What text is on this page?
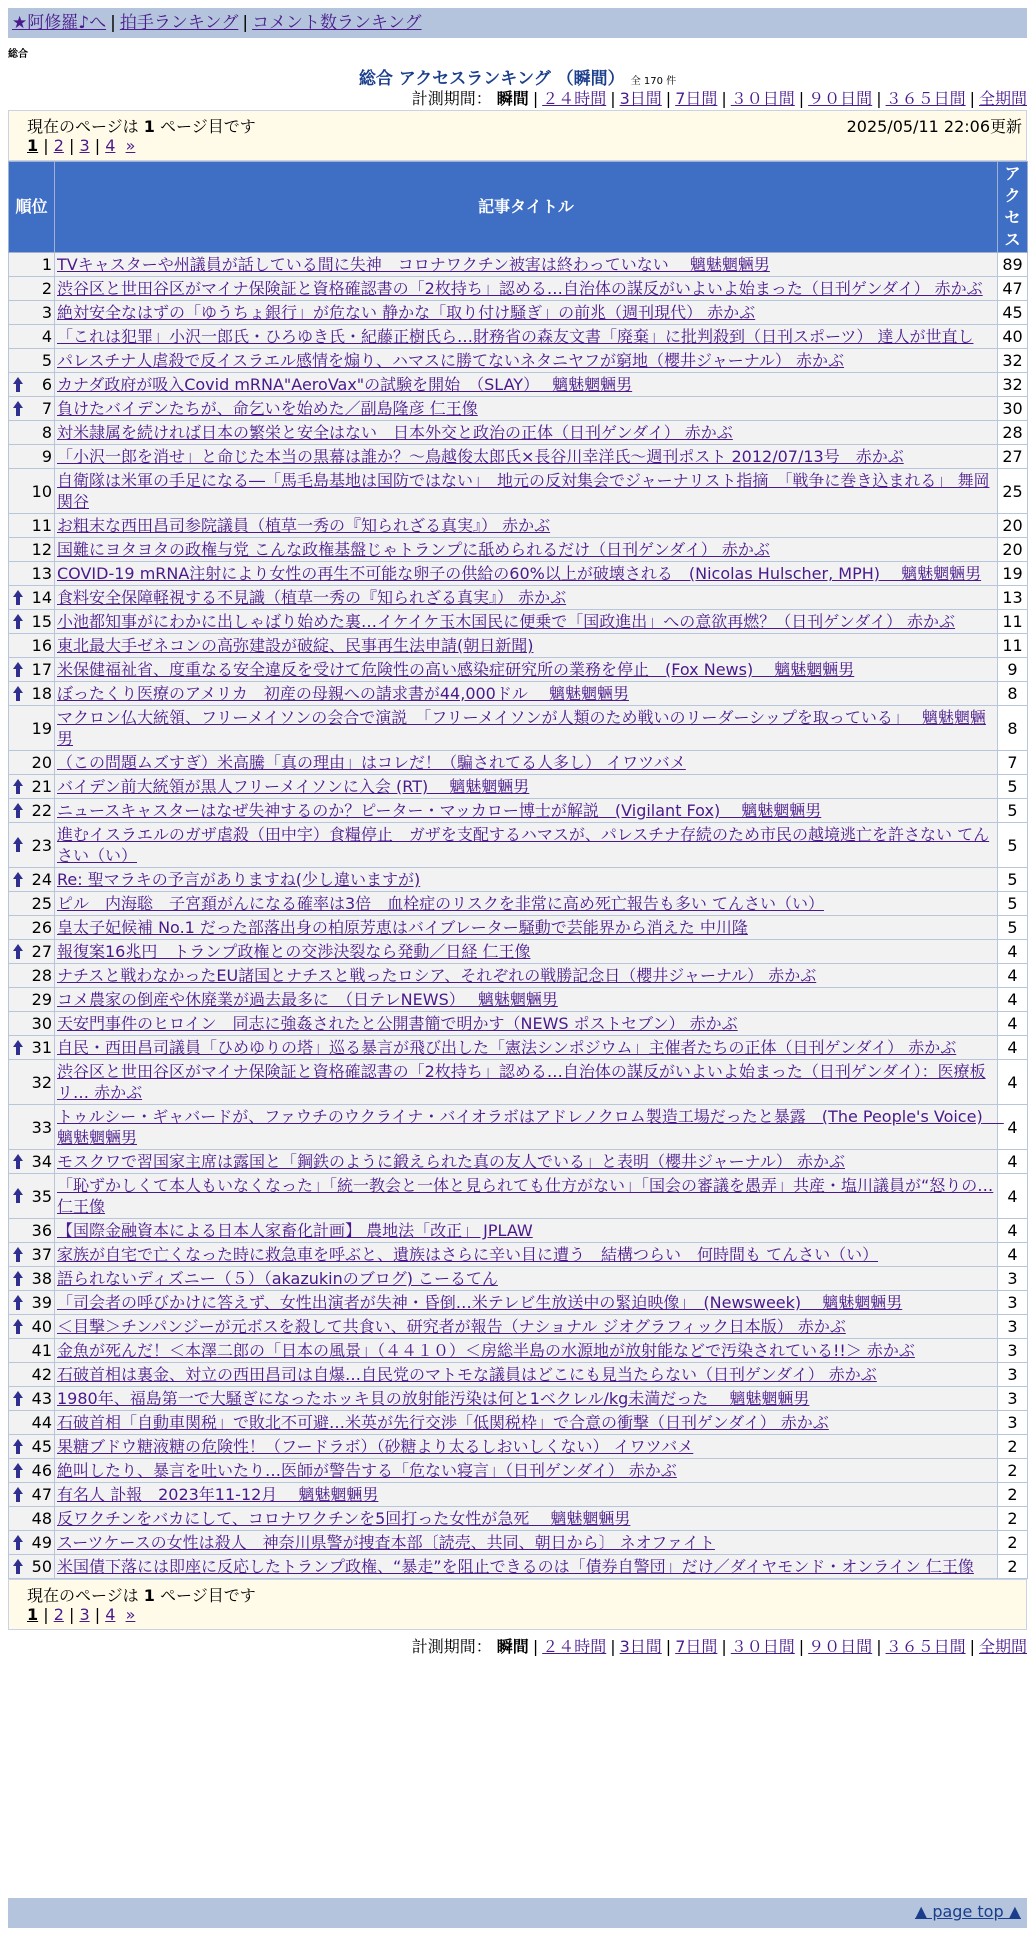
★阿修羅♪へ | 拍手ランキング | コメント数ランキング
総合
総合 アクセスランキング （瞬間） 全 170 件
計測期間： 瞬間 | ２４時間 | 3日間 | 7日間 | ３０日間 | ９０日間 | ３６５日間 | 全期間
現在のページは 1 ページ目です	2025/05/11 22:06更新
1 | 2 | 3 | 4 »
順位	記事タイトル	アクセス
1	TVキャスターや州議員が話している間に失神　コロナワクチン被害は終わっていない　 魑魅魍魎男	89
2	渋谷区と世田谷区がマイナ保険証と資格確認書の「2枚持ち」認める…自治体の謀反がいよいよ始まった（日刊ゲンダイ） 赤かぶ	47
3	絶対安全なはずの「ゆうちょ銀行」が危ない 静かな「取り付け騒ぎ」の前兆（週刊現代） 赤かぶ	45
4	「これは犯罪」小沢一郎氏・ひろゆき氏・紀藤正樹氏ら…財務省の森友文書「廃棄」に批判殺到（日刊スポーツ） 達人が世直し	40
5	パレスチナ人虐殺で反イスラエル感情を煽り、ハマスに勝てないネタニヤフが窮地（櫻井ジャーナル） 赤かぶ	32

6	カナダ政府が吸入Covid mRNA"AeroVax"の試験を開始　（SLAY）　 魑魅魍魎男	32

7	負けたバイデンたちが、命乞いを始めた／副島隆彦 仁王像	30
8	対米隷属を続ければ日本の繁栄と安全はない　日本外交と政治の正体（日刊ゲンダイ） 赤かぶ	28
9	「小沢一郎を消せ」と命じた本当の黒幕は誰か？～鳥越俊太郎氏×長谷川幸洋氏～週刊ポスト 2012/07/13号　赤かぶ	27
10	自衛隊は米軍の手足になる―「馬毛島基地は国防ではない」　地元の反対集会でジャーナリスト指摘　「戦争に巻き込まれる」 舞岡関谷	25
11	お粗末な西田昌司参院議員（植草一秀の『知られざる真実』） 赤かぶ	20
12	国難にヨタヨタの政権与党 こんな政権基盤じゃトランプに舐められるだけ（日刊ゲンダイ） 赤かぶ	20
13	COVID-19 mRNA注射により女性の再生不可能な卵子の供給の60%以上が破壊される　(Nicolas Hulscher, MPH)　 魑魅魍魎男	19

14	食料安全保障軽視する不見識（植草一秀の『知られざる真実』） 赤かぶ	13

15	小池都知事がにわかに出しゃばり始めた裏…イケイケ玉木国民に便乗で「国政進出」への意欲再燃？（日刊ゲンダイ） 赤かぶ	11
16	東北最大手ゼネコンの高弥建設が破綻、民事再生法申請(朝日新聞)	11

17	米保健福祉省、度重なる安全違反を受けて危険性の高い感染症研究所の業務を停止　(Fox News)　 魑魅魍魎男	9

18	ぼったくり医療のアメリカ　初産の母親への請求書が44,000ドル　 魑魅魍魎男	8
19	マクロン仏大統領、フリーメイソンの会合で演説　「フリーメイソンが人類のため戦いのリーダーシップを取っている」　 魑魅魍魎男	8
20	（この問題ムズすぎ）米高騰「真の理由」はコレだ！（騙されてる人多し） イワツバメ	7

21	バイデン前大統領が黒人フリーメイソンに入会 (RT)　 魑魅魍魎男	5

22	ニュースキャスターはなぜ失神するのか？ピーター・マッカロー博士が解説　(Vigilant Fox)　 魑魅魍魎男	5

23	進むイスラエルのガザ虐殺（田中宇）食糧停止　ガザを支配するハマスが、パレスチナ存続のため市民の越境逃亡を許さない てんさい（い）	5

24	Re: 聖マラキの予言がありますね(少し違いますが)	5
25	ピル　内海聡　子宮頚がんになる確率は3倍　血栓症のリスクを非常に高め死亡報告も多い てんさい（い）	5
26	皇太子妃候補 No.1 だった部落出身の柏原芳恵はバイブレーター騒動で芸能界から消えた 中川隆	5

27	報復案16兆円　トランプ政権との交渉決裂なら発動／日経 仁王像	4
28	ナチスと戦わなかったEU諸国とナチスと戦ったロシア、それぞれの戦勝記念日（櫻井ジャーナル） 赤かぶ	4
29	コメ農家の倒産や休廃業が過去最多に　（日テレNEWS）　 魑魅魍魎男	4
30	天安門事件のヒロイン　同志に強姦されたと公開書簡で明かす（NEWS ポストセブン） 赤かぶ	4

31	自民・西田昌司議員「ひめゆりの塔」巡る暴言が飛び出した「憲法シンポジウム」主催者たちの正体（日刊ゲンダイ） 赤かぶ	4
32	渋谷区と世田谷区がマイナ保険証と資格確認書の「2枚持ち」認める…自治体の謀反がいよいよ始まった（日刊ゲンダイ）：医療板リ… 赤かぶ	4
33	トゥルシー・ギャバードが、ファウチのウクライナ・バイオラボはアドレノクロム製造工場だったと暴露　(The People's Voice)　 魑魅魍魎男	4

34	モスクワで習国家主席は露国と「鋼鉄のように鍛えられた真の友人でいる」と表明（櫻井ジャーナル） 赤かぶ	4

35	「恥ずかしくて本人もいなくなった」「統一教会と一体と見られても仕方がない」「国会の審議を愚弄」共産・塩川議員が“怒りの… 仁王像	4
36	【国際金融資本による日本人家畜化計画】 農地法「改正」 JPLAW	4

37	家族が自宅で亡くなった時に救急車を呼ぶと、遺族はさらに辛い目に遭う　結構つらい　何時間も てんさい（い）	4

38	語られないディズニー（５）（akazukinのブログ) こーるてん	3

39	「司会者の呼びかけに答えず、女性出演者が失神・昏倒…米テレビ生放送中の緊迫映像」　(Newsweek)　 魑魅魍魎男	3

40	＜目撃＞チンパンジーが元ボスを殺して共食い、研究者が報告（ナショナル ジオグラフィック日本版） 赤かぶ	3
41	金魚が死んだ！＜本澤二郎の「日本の風景」（４４１０）＜房総半島の水源地が放射能などで汚染されている!!＞ 赤かぶ	3
42	石破首相は裏金、対立の西田昌司は自爆…自民党のマトモな議員はどこにも見当たらない（日刊ゲンダイ） 赤かぶ	3

43	1980年、福島第一で大騒ぎになったホッキ貝の放射能汚染は何と1ベクレル/kg未満だった　 魑魅魍魎男	3
44	石破首相「自動車関税」で敗北不可避…米英が先行交渉「低関税枠」で合意の衝撃（日刊ゲンダイ） 赤かぶ	3

45	果糖ブドウ糖液糖の危険性！（フードラボ）（砂糖より太るしおいしくない） イワツバメ	2

46	絶叫したり、暴言を吐いたり…医師が警告する「危ない寝言」（日刊ゲンダイ） 赤かぶ	2

47	有名人 訃報　2023年11-12月　 魑魅魍魎男	2
48	反ワクチンをバカにして、コロナワクチンを5回打った女性が急死　 魑魅魍魎男	2

49	スーツケースの女性は殺人　神奈川県警が捜査本部〔読売、共同、朝日から〕 ネオファイト	2

50	米国債下落には即座に反応したトランプ政権、“暴走”を阻止できるのは「債券自警団」だけ／ダイヤモンド・オンライン 仁王像	2
現在のページは 1 ページ目です
1 | 2 | 3 | 4 »
計測期間： 瞬間 | ２４時間 | 3日間 | 7日間 | ３０日間 | ９０日間 | ３６５日間 | 全期間
▲ page top ▲
